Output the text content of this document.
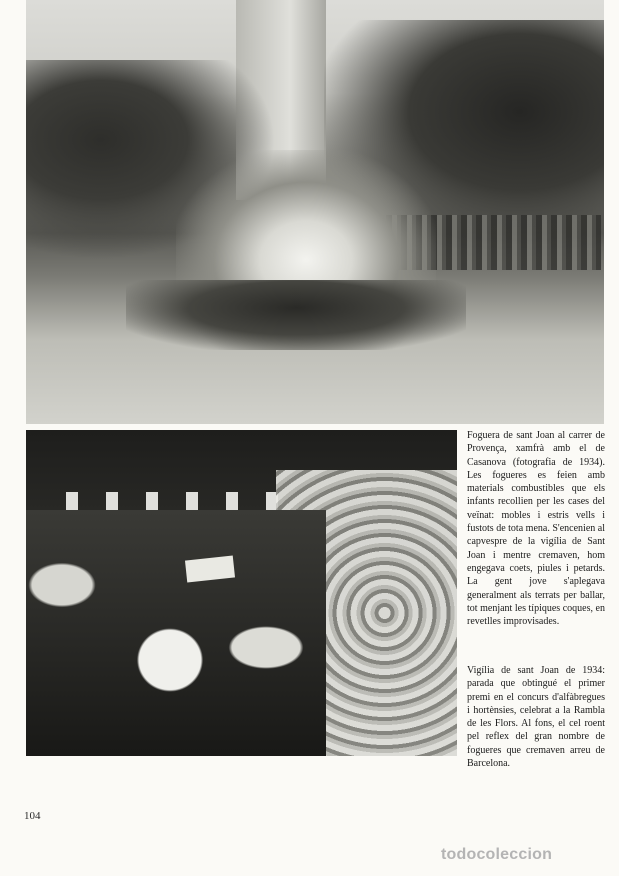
Foguera de sant Joan al carrer de Provença, xamfrà amb el de Casanova (fotografia de 1934). Les fogueres es feien amb materials combustibles que els infants recollien per les cases del veïnat: mobles i estris vells i fustots de tota mena. S'encenien al capvespre de la vigília de Sant Joan i mentre cremaven, hom engegava coets, piules i petards. La gent jove s'aplegava generalment als terrats per ballar, tot menjant les típiques coques, en revetlles improvisades.

Vigília de sant Joan de 1934: parada que obtingué el primer premi en el concurs d'alfàbregues i hortènsies, celebrat a la Rambla de les Flors. Al fons, el cel roent pel reflex del gran nombre de fogueres que cremaven arreu de Barcelona.

104
todocoleccion
